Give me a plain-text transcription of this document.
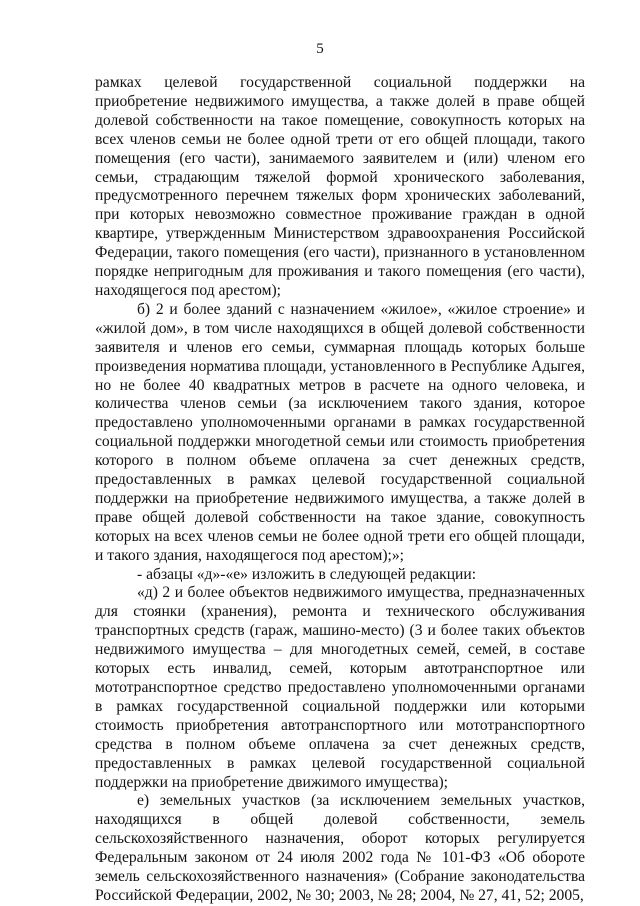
5

рамках целевой государственной социальной поддержки на приобретение недвижимого имущества, а также долей в праве общей долевой собственности на такое помещение, совокупность которых на всех членов семьи не более одной трети от его общей площади, такого помещения (его части), занимаемого заявителем и (или) членом его семьи, страдающим тяжелой формой хронического заболевания, предусмотренного перечнем тяжелых форм хронических заболеваний, при которых невозможно совместное проживание граждан в одной квартире, утвержденным Министерством здравоохранения Российской Федерации, такого помещения (его части), признанного в установленном порядке непригодным для проживания и такого помещения (его части), находящегося под арестом);

б) 2 и более зданий с назначением «жилое», «жилое строение» и «жилой дом», в том числе находящихся в общей долевой собственности заявителя и членов его семьи, суммарная площадь которых больше произведения норматива площади, установленного в Республике Адыгея, но не более 40 квадратных метров в расчете на одного человека, и количества членов семьи (за исключением такого здания, которое предоставлено уполномоченными органами в рамках государственной социальной поддержки многодетной семьи или стоимость приобретения которого в полном объеме оплачена за счет денежных средств, предоставленных в рамках целевой государственной социальной поддержки на приобретение недвижимого имущества, а также долей в праве общей долевой собственности на такое здание, совокупность которых на всех членов семьи не более одной трети его общей площади, и такого здания, находящегося под арестом);»;

- абзацы «д»-«е» изложить в следующей редакции:

«д) 2 и более объектов недвижимого имущества, предназначенных для стоянки (хранения), ремонта и технического обслуживания транспортных средств (гараж, машино-место) (3 и более таких объектов недвижимого имущества – для многодетных семей, семей, в составе которых есть инвалид, семей, которым автотранспортное или мототранспортное средство предоставлено уполномоченными органами в рамках государственной социальной поддержки или которыми стоимость приобретения автотранспортного или мототранспортного средства в полном объеме оплачена за счет денежных средств, предоставленных в рамках целевой государственной социальной поддержки на приобретение движимого имущества);

е) земельных участков (за исключением земельных участков, находящихся в общей долевой собственности, земель сельскохозяйственного назначения, оборот которых регулируется Федеральным законом от 24 июля 2002 года № 101-ФЗ «Об обороте земель сельскохозяйственного назначения» (Собрание законодательства Российской Федерации, 2002, № 30; 2003, № 28; 2004, № 27, 41, 52; 2005,
